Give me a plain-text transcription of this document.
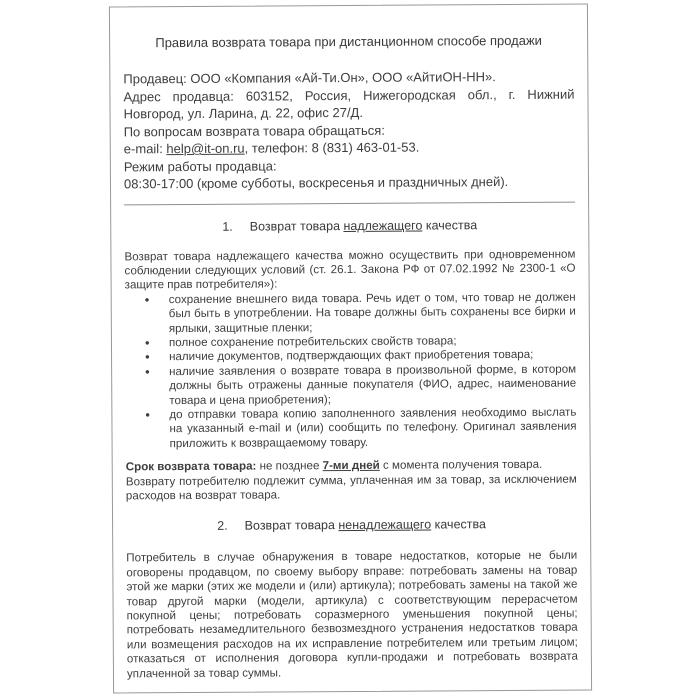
Правила возврата товара при дистанционном способе продажи
Продавец: ООО «Компания «Ай-Ти.Он», ООО «АйтиОН-НН».
Адрес продавца: 603152, Россия, Нижегородская обл., г. Нижний Новгород, ул. Ларина, д. 22, офис 27/Д.
По вопросам возврата товара обращаться:
e-mail: help@it-on.ru, телефон: 8 (831) 463-01-53.
Режим работы продавца:
08:30-17:00 (кроме субботы, воскресенья и праздничных дней).
1. Возврат товара надлежащего качества

Возврат товара надлежащего качества можно осуществить при одновременном соблюдении следующих условий (ст. 26.1. Закона РФ от 07.02.1992 № 2300-1 «О защите прав потребителя»):

• сохранение внешнего вида товара. Речь идет о том, что товар не должен был быть в употреблении. На товаре должны быть сохранены все бирки и ярлыки, защитные пленки;
• полное сохранение потребительских свойств товара;
• наличие документов, подтверждающих факт приобретения товара;
• наличие заявления о возврате товара в произвольной форме, в котором должны быть отражены данные покупателя (ФИО, адрес, наименование товара и цена приобретения);
• до отправки товара копию заполненного заявления необходимо выслать на указанный e-mail и (или) сообщить по телефону. Оригинал заявления приложить к возвращаемому товару.

Срок возврата товара: не позднее 7-ми дней с момента получения товара.
Возврату потребителю подлежит сумма, уплаченная им за товар, за исключением расходов на возврат товара.

2. Возврат товара ненадлежащего качества

Потребитель в случае обнаружения в товаре недостатков, которые не были оговорены продавцом, по своему выбору вправе: потребовать замены на товар этой же марки (этих же модели и (или) артикула); потребовать замены на такой же товар другой марки (модели, артикула) с соответствующим перерасчетом покупной цены; потребовать соразмерного уменьшения покупной цены; потребовать незамедлительного безвозмездного устранения недостатков товара или возмещения расходов на их исправление потребителем или третьим лицом; отказаться от исполнения договора купли-продажи и потребовать возврата уплаченной за товар суммы.
